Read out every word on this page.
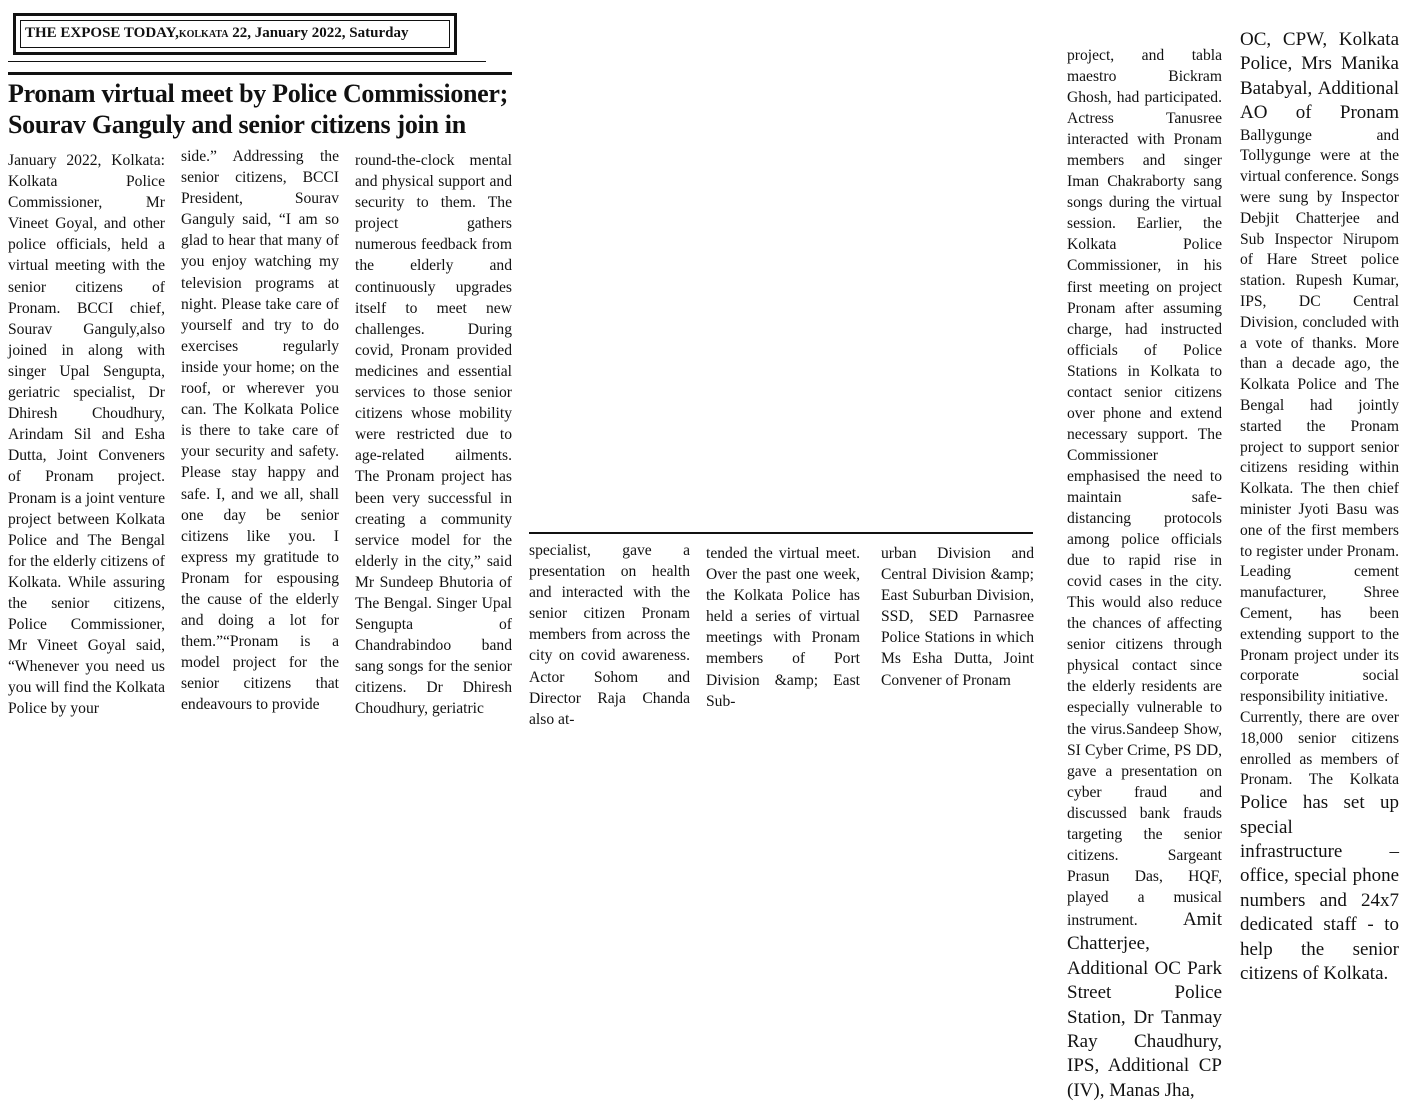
THE EXPOSE TODAY,KOLKATA 22, January 2022, Saturday
Pronam virtual meet by Police Commissioner;
Sourav Ganguly and senior citizens join in

January 2022, Kolkata: Kolkata Police Commissioner, Mr Vineet Goyal, and other police officials, held a virtual meeting with the senior citizens of Pronam. BCCI chief, Sourav Ganguly,also joined in along with singer Upal Sengupta, geriatric specialist, Dr Dhiresh Choudhury, Arindam Sil and Esha Dutta, Joint Conveners of Pronam project. Pronam is a joint venture project between Kolkata Police and The Bengal for the elderly citizens of Kolkata. While assuring the senior citizens, Police Commissioner, Mr Vineet Goyal said, “Whenever you need us you will find the Kolkata Police by your

side.” Addressing the senior citizens, BCCI President, Sourav Ganguly said, “I am so glad to hear that many of you enjoy watching my television programs at night. Please take care of yourself and try to do exercises regularly inside your home; on the roof, or wherever you can. The Kolkata Police is there to take care of your security and safety. Please stay happy and safe. I, and we all, shall one day be senior citizens like you. I express my gratitude to Pronam for espousing the cause of the elderly and doing a lot for them.”“Pronam is a model project for the senior citizens that endeavours to provide

round-the-clock mental and physical support and security to them. The project gathers numerous feedback from the elderly and continuously upgrades itself to meet new challenges. During covid, Pronam provided medicines and essential services to those senior citizens whose mobility were restricted due to age-related ailments. The Pronam project has been very successful in creating a community service model for the elderly in the city,” said Mr Sundeep Bhutoria of The Bengal. Singer Upal Sengupta of Chandrabindoo band sang songs for the senior citizens. Dr Dhiresh Choudhury, geriatric

specialist, gave a presentation on health and interacted with the senior citizen Pronam members from across the city on covid awareness. Actor Sohom and Director Raja Chanda also at-

tended the virtual meet. Over the past one week, the Kolkata Police has held a series of virtual meetings with Pronam members of Port Division &amp; East Sub-

urban Division and Central Division &amp; East Suburban Division, SSD, SED Parnasree Police Stations in which Ms Esha Dutta, Joint Convener of Pronam

project, and tabla maestro Bickram Ghosh, had participated. Actress Tanusree interacted with Pronam members and singer Iman Chakraborty sang songs during the virtual session. Earlier, the Kolkata Police Commissioner, in his first meeting on project Pronam after assuming charge, had instructed officials of Police Stations in Kolkata to contact senior citizens over phone and extend necessary support. The Commissioner emphasised the need to maintain safe- distancing protocols among police officials due to rapid rise in covid cases in the city. This would also reduce the chances of affecting senior citizens through physical contact since the elderly residents are especially vulnerable to the virus.Sandeep Show, SI Cyber Crime, PS DD, gave a presentation on cyber fraud and discussed bank frauds targeting the senior citizens. Sargeant Prasun Das, HQF, played a musical instrument. Amit Chatterjee, Additional OC Park Street Police Station, Dr Tanmay Ray Chaudhury, IPS, Additional CP (IV), Manas Jha,
OC, CPW, Kolkata Police, Mrs Manika Batabyal, Additional AO of Pronam Ballygunge and Tollygunge were at the virtual conference. Songs were sung by Inspector Debjit Chatterjee and Sub Inspector Nirupom of Hare Street police station. Rupesh Kumar, IPS, DC Central Division, concluded with a vote of thanks. More than a decade ago, the Kolkata Police and The Bengal had jointly started the Pronam project to support senior citizens residing within Kolkata. The then chief minister Jyoti Basu was one of the first members to register under Pronam. Leading cement manufacturer, Shree Cement, has been extending support to the Pronam project under its corporate social responsibility initiative.
Currently, there are over 18,000 senior citizens enrolled as members of Pronam. The Kolkata Police has set up special infrastructure – office, special phone numbers and 24x7 dedicated staff - to help the senior citizens of Kolkata.
